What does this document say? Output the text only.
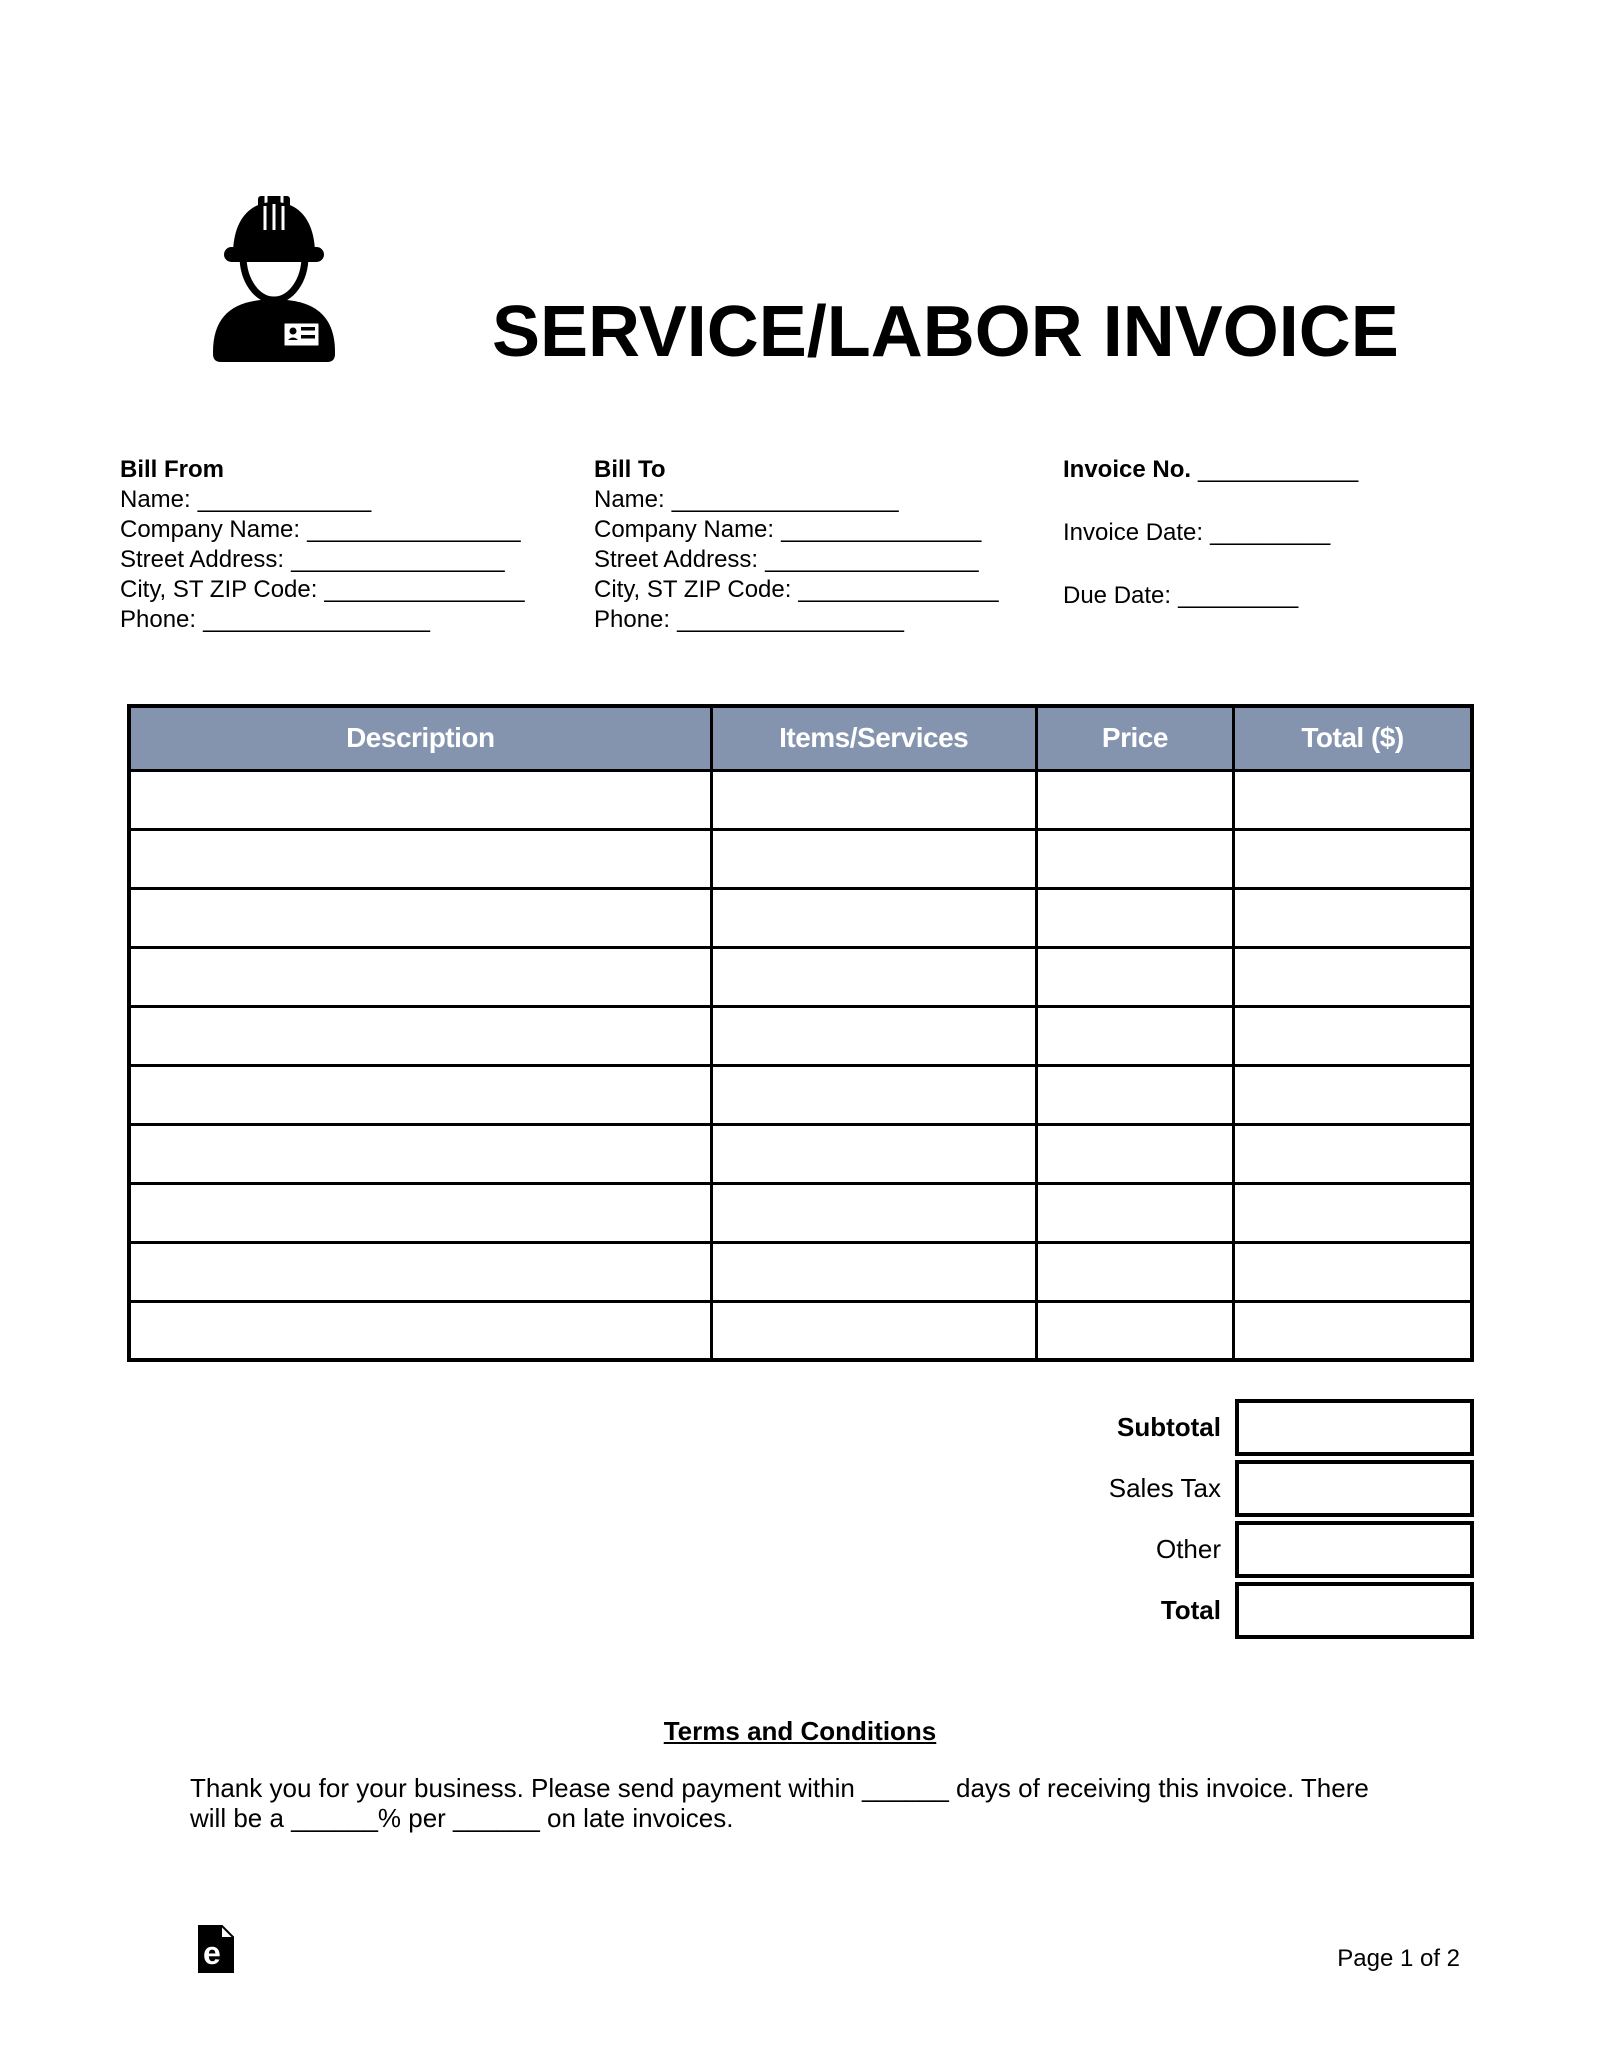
SERVICE/LABOR INVOICE
Bill From
Name: _____________
Company Name: ________________
Street Address: ________________
City, ST ZIP Code: _______________
Phone: _________________
Bill To
Name: _________________
Company Name: _______________
Street Address: ________________
City, ST ZIP Code: _______________
Phone: _________________
Invoice No. ____________
Invoice Date: _________
Due Date: _________
Description	Items/Services	Price	Total ($)

Subtotal
Sales Tax
Other
Total
Terms and Conditions
Thank you for your business. Please send payment within ______ days of receiving this invoice. There
will be a ______% per ______ on late invoices.
e	Page 1 of 2
